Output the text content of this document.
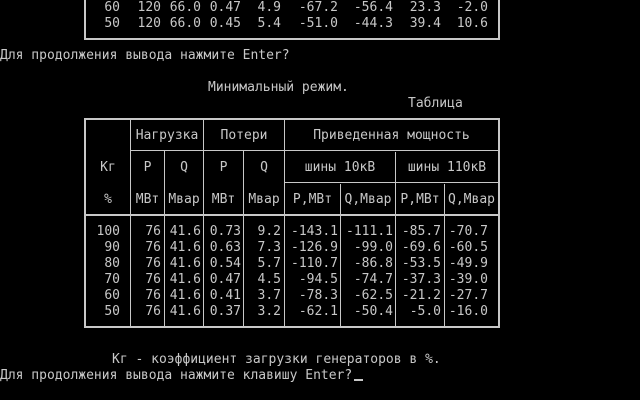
60	120 66.0 0.47	4.9	-67.2	-56.4	23.3	-2.0
50	120 66.0 0.45	5.4	-51.0	-44.3	39.4	10.6
Для продолжения вывода нажмите Enter?
Минимальный режим.
Таблица
Нагрузка	Потери	Приведенная мощность
Кг	P	Q	P	Q	шины 10кВ	шины 110кВ
%	МВт Мвар МВт	Мвар	P,МВт Q,Мвар P,МВт Q,Мвар
100	76 41.6 0.73	9.2 -143.1 -111.1 -85.7 -70.7
90	76 41.6 0.63	7.3 -126.9	-99.0 -69.6 -60.5
80	76 41.6 0.54	5.7 -110.7	-86.8 -53.5 -49.9
70	76 41.6 0.47	4.5	-94.5	-74.7 -37.3 -39.0
60	76 41.6 0.41	3.7	-78.3	-62.5 -21.2 -27.7
50	76 41.6 0.37	3.2	-62.1	-50.4	-5.0 -16.0
Кг - коэффициент загрузки генераторов в %.
Для продолжения вывода нажмите клавишу Enter?
